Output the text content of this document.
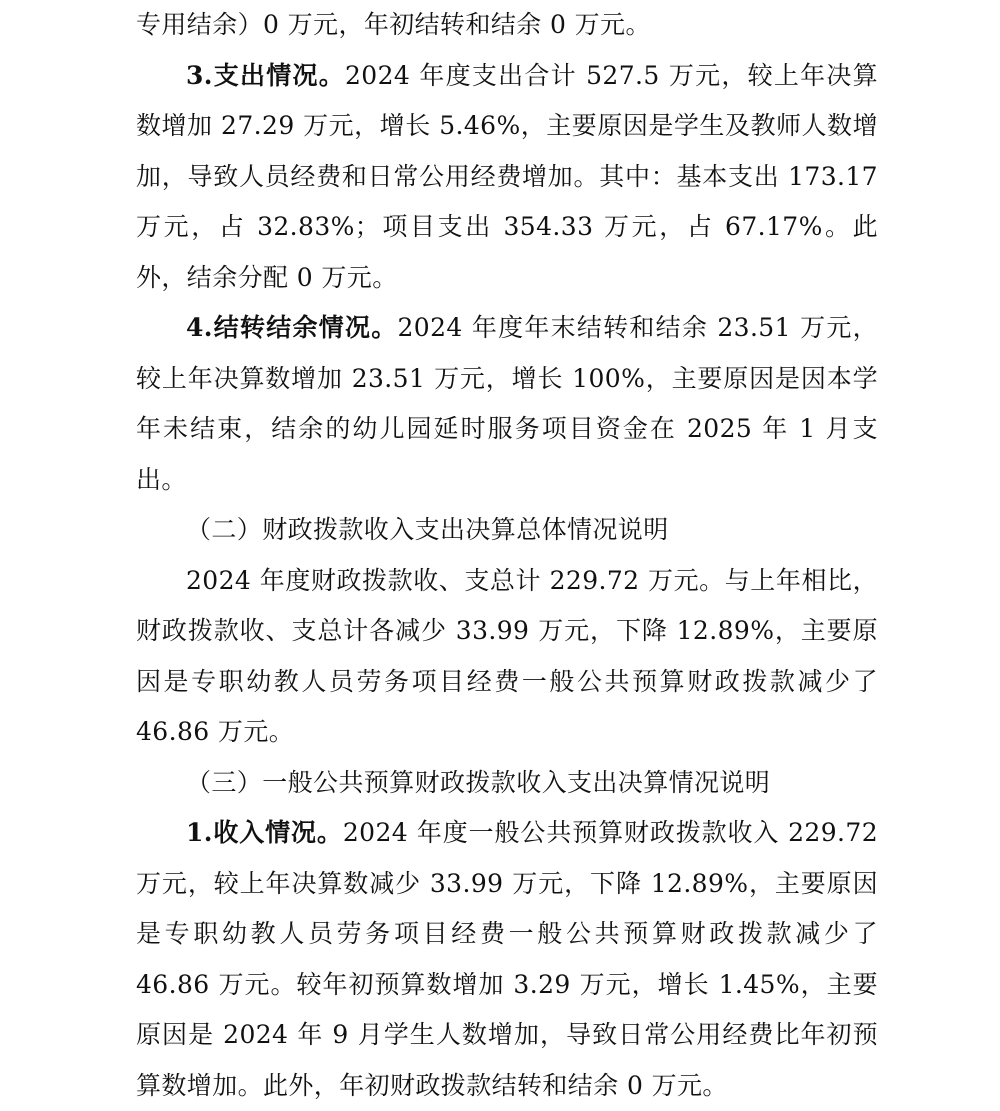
专用结余）0 万元，年初结转和结余 0 万元。

3.支出情况。2024 年度支出合计 527.5 万元，较上年决算数增加 27.29 万元，增长 5.46%，主要原因是学生及教师人数增加，导致人员经费和日常公用经费增加。其中：基本支出 173.17 万元，占 32.83%；项目支出 354.33 万元，占 67.17%。此外，结余分配 0 万元。

4.结转结余情况。2024 年度年末结转和结余 23.51 万元，较上年决算数增加 23.51 万元，增长 100%，主要原因是因本学年未结束，结余的幼儿园延时服务项目资金在 2025 年 1 月支出。

（二）财政拨款收入支出决算总体情况说明

2024 年度财政拨款收、支总计 229.72 万元。与上年相比，财政拨款收、支总计各减少 33.99 万元，下降 12.89%，主要原因是专职幼教人员劳务项目经费一般公共预算财政拨款减少了 46.86 万元。

（三）一般公共预算财政拨款收入支出决算情况说明

1.收入情况。2024 年度一般公共预算财政拨款收入 229.72 万元，较上年决算数减少 33.99 万元，下降 12.89%，主要原因是专职幼教人员劳务项目经费一般公共预算财政拨款减少了 46.86 万元。较年初预算数增加 3.29 万元，增长 1.45%，主要原因是 2024 年 9 月学生人数增加，导致日常公用经费比年初预算数增加。此外，年初财政拨款结转和结余 0 万元。
